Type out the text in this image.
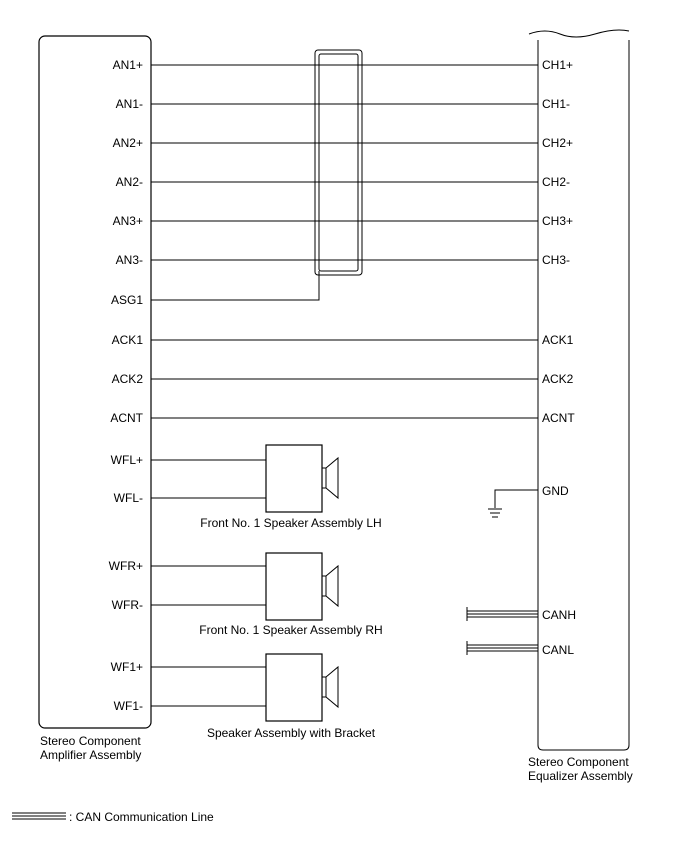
Stereo Component
Amplifier Assembly	Stereo Component
Equalizer Assembly
AN1+
AN1-
AN2+
AN2-
AN3+
AN3-
ASG1
ACK1
ACK2
ACNT
WFL+
WFL-
WFR+
WFR-
WF1+
WF1-
CH1+
CH1-
CH2+
CH2-
CH3+
CH3-
ACK1
ACK2
ACNT
GND
CANH
CANL
Front No. 1 Speaker Assembly LH
Front No. 1 Speaker Assembly RH
Speaker Assembly with Bracket
: CAN Communication Line
